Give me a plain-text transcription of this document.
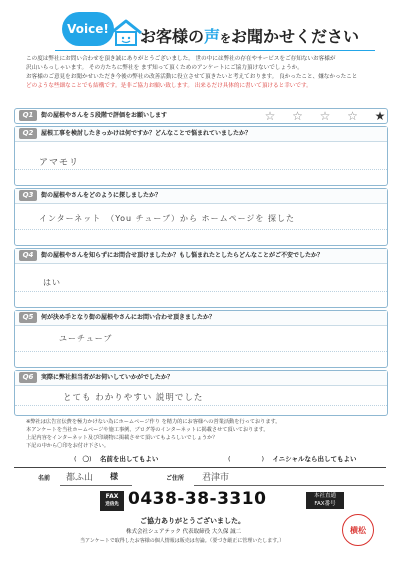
Voice!	お客様の声をお聞かせください

この度は弊社にお問い合わせを頂き誠にありがとうございました。 世の中には弊社の存在やサービスをご存知ないお客様が

沢山いらっしゃいます。 その方たちに弊社を まず知って頂くためのアンケートにご協力頂けないでしょうか。

お客様のご意見をお聞かせいただき今後の弊社の改善活動に役立させて頂きたいと考えております。 良かったこと、嫌なかったこと

どのような些細なことでも結構です。是非ご協力お願い致します。 出来るだけ具体的に書いて頂けると幸いです。

Q1	街の屋根やさんを５段階で評価をお願いします	☆ ☆ ☆ ☆ ★
Q2	屋根工事を検討したきっかけは何ですか？どんなことで悩まれていましたか？
アマモリ
Q3	街の屋根やさんをどのように探しましたか？
インターネット　（You チューブ）から ホームページを 探した
Q4	街の屋根やさんを知らずにお問合せ頂けましたか？もし悩まれたとしたらどんなことがご不安でしたか？
はい
Q5	何が決め手となり街の屋根やさんにお問い合わせ頂きましたか？
ユーチューブ
Q6	実際に弊社担当者がお伺いしていかがでしたか？
とても わかりやすい 説明でした

※弊社は広告宣伝費を極力かけない為にホームページ作り を精力的にお客様への営業活動を行っております。

本アンケートを当社ホームページや施工事例、ブログ等のインターネットに掲載させて頂いております。

上記内容をインターネット及び印刷物に掲載させて頂いてもよろしいでしょうか？

下記の中から〇印をお付け下さい。

(〇) 名前を出してもよい	(　　) イニシャルなら出してもよい
名前 都ふ山 様	ご住所 君津市
FAX
送信先 0438-38-3310	本社直通
FAX番号
ご協力ありがとうございました。
株式会社シェアテック 代表取締役 大久保 誠二
当アンケートで取得したお客様の個人情報は販売は勿論。（要づき厳正に管理いたします。）
横松
